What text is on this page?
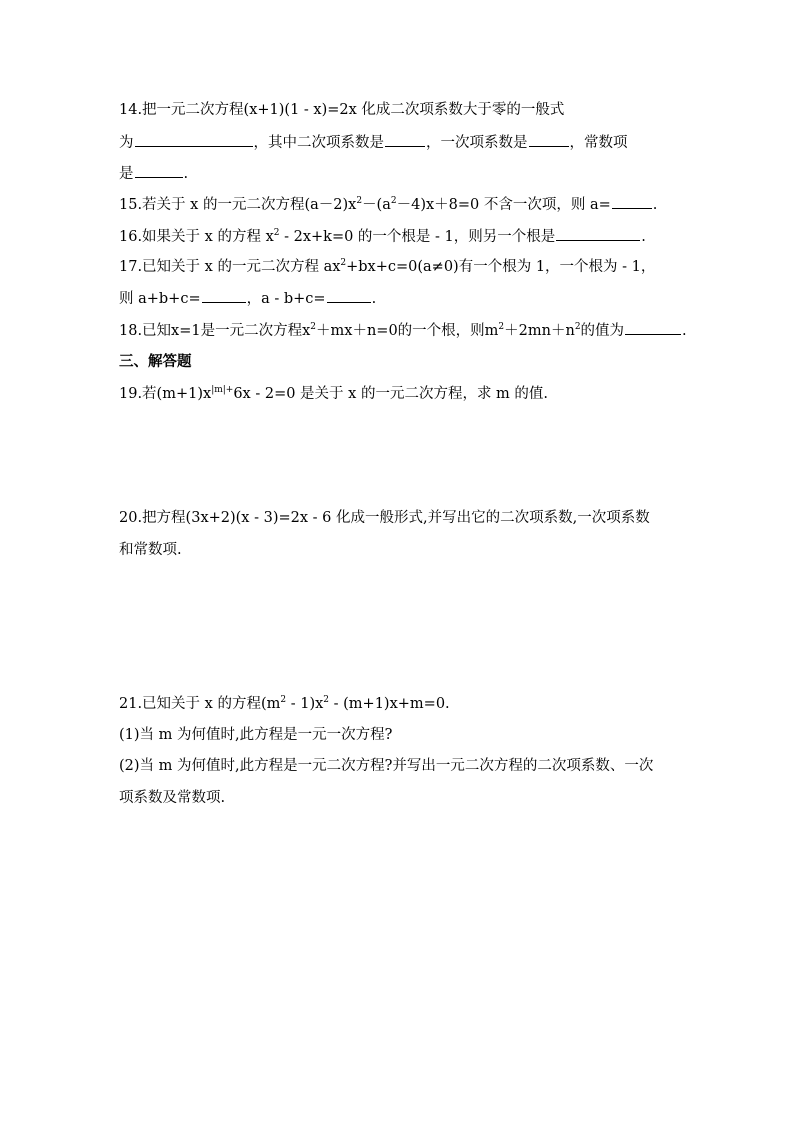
14.把一元二次方程(x+1)(1 - x)=2x 化成二次项系数大于零的一般式
为	，其中二次项系数是	，一次项系数是	，常数项
是	.
15.若关于 x 的一元二次方程$(a-2)x^2-(a^2-4)x+8=0$ 不含一次项，则 a=	.
16.如果关于 x 的方程 $x^2 - 2x+k=0$ 的一个根是 - 1，则另一个根是	.
17.已知关于 x 的一元二次方程 $ax^2+bx+c=0(a\ne 0)$有一个根为 1，一个根为 - 1，
则 a+b+c=	，a - b+c=	.
18.已知x=1是一元二次方程$x^2+mx+n=0$的一个根，则$m^2+2mn+n^2$的值为	.
三、解答题
19.若$(m+1)x^{|m|+}6x - 2=0$ 是关于 x 的一元二次方程，求 m 的值.
20.把方程(3x+2)(x - 3)=2x - 6 化成一般形式,并写出它的二次项系数,一次项系数
和常数项.
21.已知关于 x 的方程$(m^2 - 1)x^2 - (m+1)x+m=0$.
(1)当 m 为何值时,此方程是一元一次方程?
(2)当 m 为何值时,此方程是一元二次方程?并写出一元二次方程的二次项系数、一次
项系数及常数项.
